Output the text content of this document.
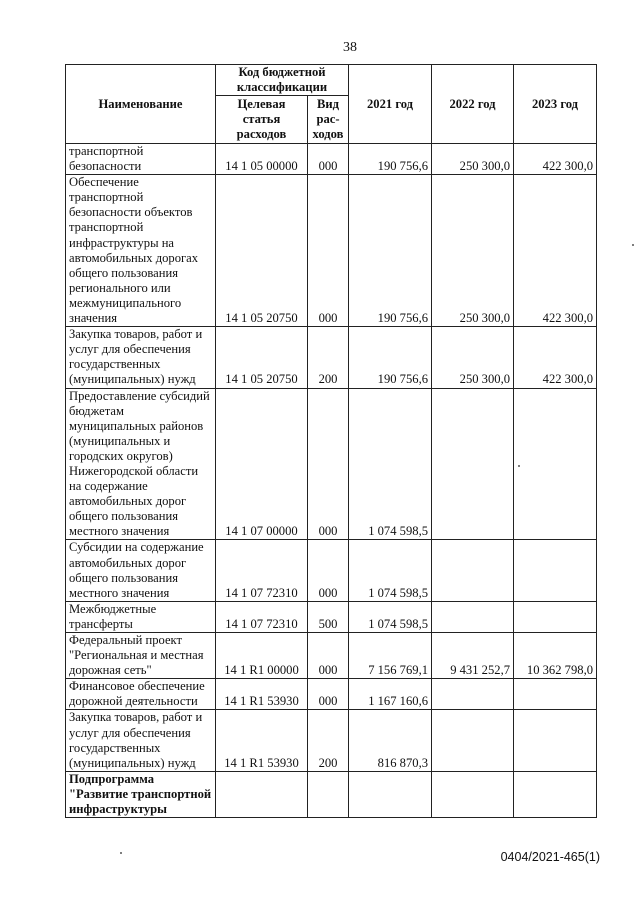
38
Наименование	Код бюджетной классификации		2021 год	2022 год	2023 год
	Целевая статья расходов	Вид рас-ходов			
транспортной безопасности	14 1 05 00000	000	190 756,6	250 300,0	422 300,0
Обеспечение транспортной безопасности объектов транспортной инфраструктуры на автомобильных дорогах общего пользования регионального или межмуниципального значения	14 1 05 20750	000	190 756,6	250 300,0	422 300,0
Закупка товаров, работ и услуг для обеспечения государственных (муниципальных) нужд	14 1 05 20750	200	190 756,6	250 300,0	422 300,0
Предоставление субсидий бюджетам муниципальных районов (муниципальных и городских округов) Нижегородской области на содержание автомобильных дорог общего пользования местного значения	14 1 07 00000	000	1 074 598,5		
Субсидии на содержание автомобильных дорог общего пользования местного значения	14 1 07 72310	000	1 074 598,5		
Межбюджетные трансферты	14 1 07 72310	500	1 074 598,5		
Федеральный проект "Региональная и местная дорожная сеть"	14 1 R1 00000	000	7 156 769,1	9 431 252,7	10 362 798,0
Финансовое обеспечение дорожной деятельности	14 1 R1 53930	000	1 167 160,6		
Закупка товаров, работ и услуг для обеспечения государственных (муниципальных) нужд	14 1 R1 53930	200	816 870,3		
Подпрограмма "Развитие транспортной инфраструктуры					
0404/2021-465(1)
